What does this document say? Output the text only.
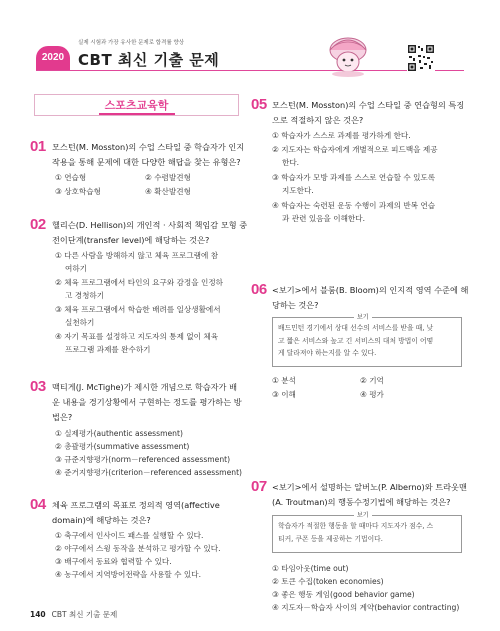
실제 시험과 가장 유사한 문제로 합격률 향상
2020 CBT 최신 기출 문제
스포츠교육학
01 모스턴(M. Mosston)의 수업 스타일 중 학습자가 인지
작용을 통해 문제에 대한 다양한 해답을 찾는 유형은?
① 연습형	② 수렴발견형
③ 상호학습형	④ 확산발견형
02 헬리슨(D. Hellison)의 개인적 · 사회적 책임감 모형 중
전이단계(transfer level)에 해당하는 것은?
① 다른 사람을 방해하지 않고 체육 프로그램에 참
여하기
② 체육 프로그램에서 타인의 요구와 감정을 인정하
고 경청하기
③ 체육 프로그램에서 학습한 배려를 일상생활에서
실천하기
④ 자기 목표를 설정하고 지도자의 통제 없이 체육
프로그램 과제를 완수하기
03 맥티게(J. McTighe)가 제시한 개념으로 학습자가 배
운 내용을 경기상황에서 구현하는 정도를 평가하는 방
법은?
① 실제평가(authentic assessment)
② 총괄평가(summative assessment)
③ 규준지향평가(norm－referenced assessment)
④ 준거지향평가(criterion－referenced assessment)
04 체육 프로그램의 목표로 정의적 영역(affective
domain)에 해당하는 것은?
① 축구에서 인사이드 패스를 실행할 수 있다.
② 야구에서 스윙 동작을 분석하고 평가할 수 있다.
③ 배구에서 동료와 협력할 수 있다.
④ 농구에서 지역방어전략을 사용할 수 있다.
05 모스턴(M. Mosston)의 수업 스타일 중 연습형의 특징
으로 적절하지 않은 것은?
① 학습자가 스스로 과제를 평가하게 한다.
② 지도자는 학습자에게 개별적으로 피드백을 제공
한다.
③ 학습자가 모방 과제를 스스로 연습할 수 있도록
지도한다.
④ 학습자는 숙련된 운동 수행이 과제의 반복 연습
과 관련 있음을 이해한다.
06 <보기>에서 블룸(B. Bloom)의 인지적 영역 수준에 해
당하는 것은?
보기
배드민턴 경기에서 상대 선수의 서비스를 받을 때, 낮
고 짧은 서비스와 높고 긴 서비스의 대처 방법이 어떻
게 달라져야 하는지를 알 수 있다.
① 분석	② 기억
③ 이해	④ 평가
07 <보기>에서 설명하는 알버노(P. Alberno)와 트라웃맨
(A. Troutman)의 행동수정기법에 해당하는 것은?
보기
학습자가 적절한 행동을 할 때마다 지도자가 점수, 스
티커, 쿠폰 등을 제공하는 기법이다.
① 타임아웃(time out)
② 토큰 수집(token economies)
③ 좋은 행동 게임(good behavior game)
④ 지도자－학습자 사이의 계약(behavior contracting)
140 CBT 최신 기출 문제
